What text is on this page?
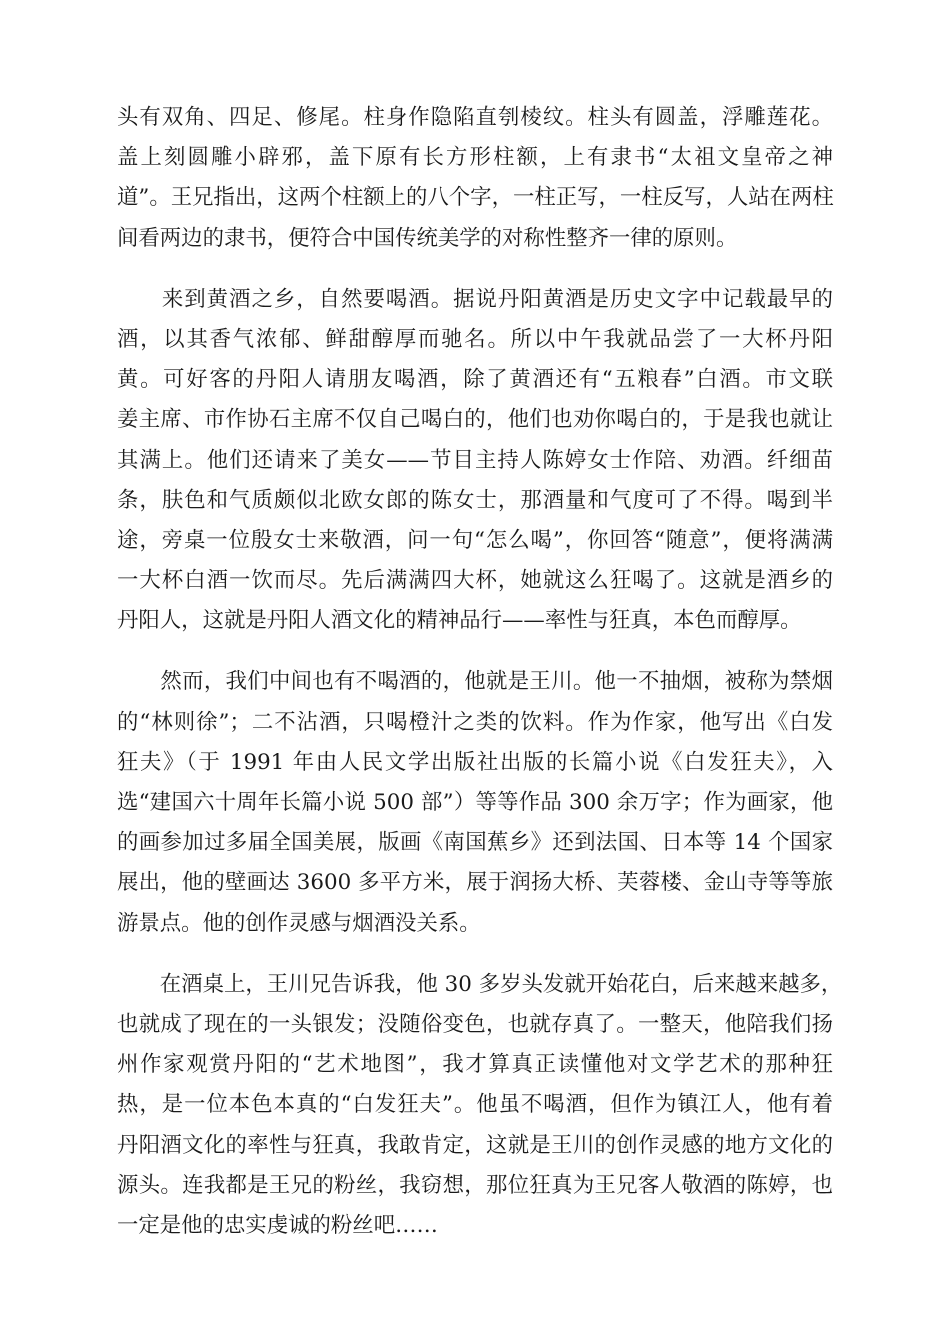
头有双角、四足、修尾。柱身作隐陷直刳棱纹。柱头有圆盖，浮雕莲花。
盖上刻圆雕小辟邪，盖下原有长方形柱额，上有隶书“太祖文皇帝之神
道”。王兄指出，这两个柱额上的八个字，一柱正写，一柱反写，人站在两柱
间看两边的隶书，便符合中国传统美学的对称性整齐一律的原则。
　　来到黄酒之乡，自然要喝酒。据说丹阳黄酒是历史文字中记载最早的
酒，以其香气浓郁、鲜甜醇厚而驰名。所以中午我就品尝了一大杯丹阳
黄。可好客的丹阳人请朋友喝酒，除了黄酒还有“五粮春”白酒。市文联
姜主席、市作协石主席不仅自己喝白的，他们也劝你喝白的，于是我也就让
其满上。他们还请来了美女——节目主持人陈婷女士作陪、劝酒。纤细苗
条，肤色和气质颇似北欧女郎的陈女士，那酒量和气度可了不得。喝到半
途，旁桌一位殷女士来敬酒，问一句“怎么喝”，你回答“随意”，便将满满
一大杯白酒一饮而尽。先后满满四大杯，她就这么狂喝了。这就是酒乡的
丹阳人，这就是丹阳人酒文化的精神品行——率性与狂真，本色而醇厚。
　　然而，我们中间也有不喝酒的，他就是王川。他一不抽烟，被称为禁烟
的“林则徐”；二不沾酒，只喝橙汁之类的饮料。作为作家，他写出《白发
狂夫》（于 1991 年由人民文学出版社出版的长篇小说《白发狂夫》，入
选“建国六十周年长篇小说 500 部”）等等作品 300 余万字；作为画家，他
的画参加过多届全国美展，版画《南国蕉乡》还到法国、日本等 14 个国家
展出，他的壁画达 3600 多平方米，展于润扬大桥、芙蓉楼、金山寺等等旅
游景点。他的创作灵感与烟酒没关系。
　　在酒桌上，王川兄告诉我，他 30 多岁头发就开始花白，后来越来越多，
也就成了现在的一头银发；没随俗变色，也就存真了。一整天，他陪我们扬
州作家观赏丹阳的“艺术地图”，我才算真正读懂他对文学艺术的那种狂
热，是一位本色本真的“白发狂夫”。他虽不喝酒，但作为镇江人，他有着
丹阳酒文化的率性与狂真，我敢肯定，这就是王川的创作灵感的地方文化的
源头。连我都是王兄的粉丝，我窃想，那位狂真为王兄客人敬酒的陈婷，也
一定是他的忠实虔诚的粉丝吧……
